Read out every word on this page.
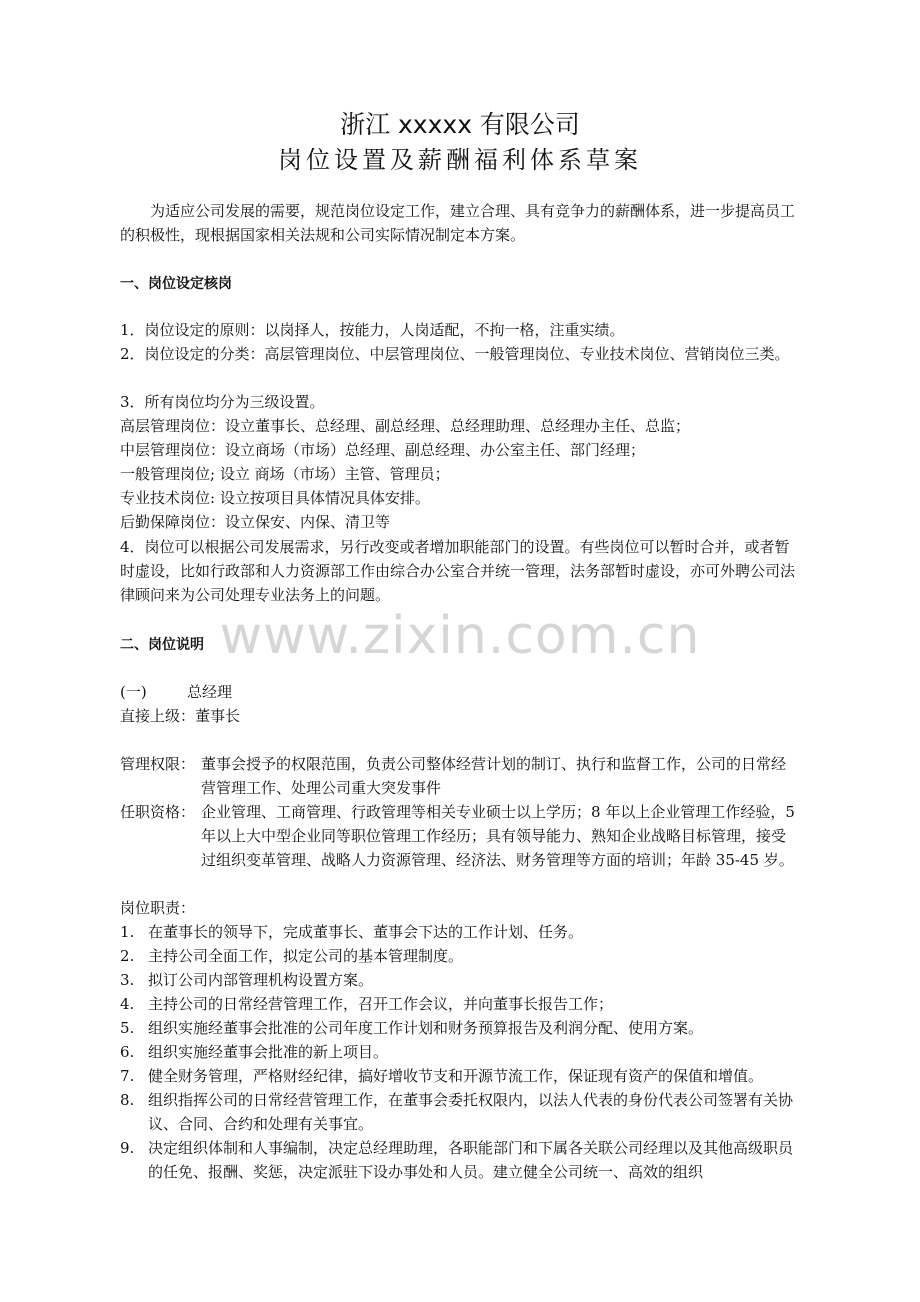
浙江 xxxxx 有限公司
岗位设置及薪酬福利体系草案

为适应公司发展的需要，规范岗位设定工作，建立合理、具有竞争力的薪酬体系，进一步提高员工的积极性，现根据国家相关法规和公司实际情况制定本方案。

一、岗位设定核岗
1．岗位设定的原则：以岗择人，按能力，人岗适配，不拘一格，注重实绩。
2．岗位设定的分类：高层管理岗位、中层管理岗位、一般管理岗位、专业技术岗位、营销岗位三类。
3．所有岗位均分为三级设置。
高层管理岗位：设立董事长、总经理、副总经理、总经理助理、总经理办主任、总监；
中层管理岗位：设立商场（市场）总经理、副总经理、办公室主任、部门经理；
一般管理岗位; 设立 商场（市场）主管、管理员；
专业技术岗位: 设立按项目具体情况具体安排。
后勤保障岗位：设立保安、内保、清卫等
4．岗位可以根据公司发展需求，另行改变或者增加职能部门的设置。有些岗位可以暂时合并，或者暂时虚设，比如行政部和人力资源部工作由综合办公室合并统一管理，法务部暂时虚设，亦可外聘公司法律顾问来为公司处理专业法务上的问题。
www.zixin.com.cn
二、岗位说明
(一)	总经理
直接上级：董事长
管理权限： 董事会授予的权限范围，负责公司整体经营计划的制订、执行和监督工作，公司的日常经营管理工作、处理公司重大突发事件
任职资格： 企业管理、工商管理、行政管理等相关专业硕士以上学历；8 年以上企业管理工作经验，5 年以上大中型企业同等职位管理工作经历；具有领导能力、熟知企业战略目标管理，接受过组织变革管理、战略人力资源管理、经济法、财务管理等方面的培训；年龄 35-45 岁。
岗位职责：
1. 在董事长的领导下，完成董事长、董事会下达的工作计划、任务。
2. 主持公司全面工作，拟定公司的基本管理制度。
3. 拟订公司内部管理机构设置方案。
4. 主持公司的日常经营管理工作，召开工作会议，并向董事长报告工作；
5. 组织实施经董事会批准的公司年度工作计划和财务预算报告及利润分配、使用方案。
6. 组织实施经董事会批准的新上项目。
7. 健全财务管理，严格财经纪律，搞好增收节支和开源节流工作，保证现有资产的保值和增值。
8. 组织指挥公司的日常经营管理工作，在董事会委托权限内，以法人代表的身份代表公司签署有关协议、合同、合约和处理有关事宜。
9. 决定组织体制和人事编制，决定总经理助理，各职能部门和下属各关联公司经理以及其他高级职员的任免、报酬、奖惩，决定派驻下设办事处和人员。建立健全公司统一、高效的组织
